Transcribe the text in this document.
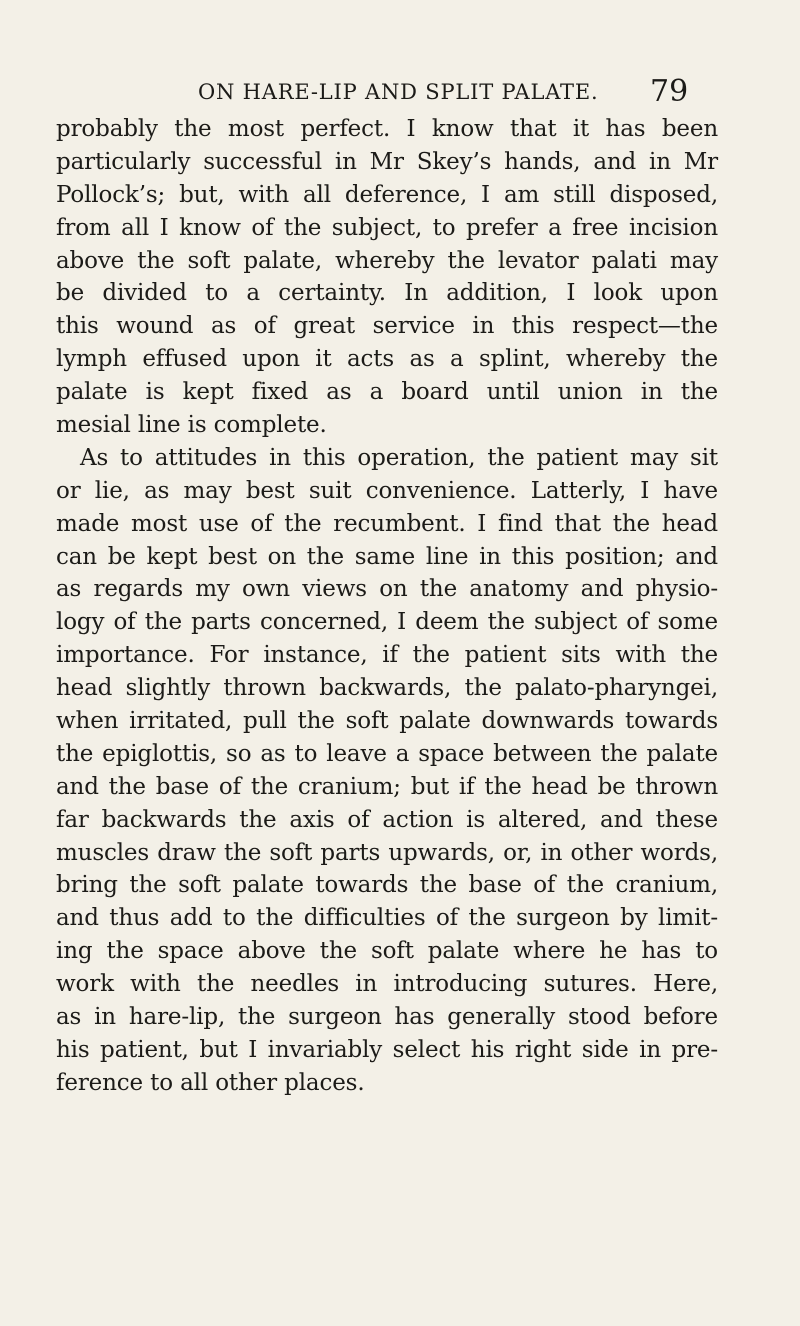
ON HARE-LIP AND SPLIT PALATE. 79
probably the most perfect. I know that it has been
particularly successful in Mr Skey’s hands, and in Mr
Pollock’s; but, with all deference, I am still disposed,
from all I know of the subject, to prefer a free incision
above the soft palate, whereby the levator palati may
be divided to a certainty. In addition, I look upon
this wound as of great service in this respect—the
lymph effused upon it acts as a splint, whereby the
palate is kept fixed as a board until union in the
mesial line is complete.
As to attitudes in this operation, the patient may sit
or lie, as may best suit convenience. Latterly, I have
made most use of the recumbent. I find that the head
can be kept best on the same line in this position; and
as regards my own views on the anatomy and physio-
logy of the parts concerned, I deem the subject of some
importance. For instance, if the patient sits with the
head slightly thrown backwards, the palato-pharyngei,
when irritated, pull the soft palate downwards towards
the epiglottis, so as to leave a space between the palate
and the base of the cranium; but if the head be thrown
far backwards the axis of action is altered, and these
muscles draw the soft parts upwards, or, in other words,
bring the soft palate towards the base of the cranium,
and thus add to the difficulties of the surgeon by limit-
ing the space above the soft palate where he has to
work with the needles in introducing sutures. Here,
as in hare-lip, the surgeon has generally stood before
his patient, but I invariably select his right side in pre-
ference to all other places.
